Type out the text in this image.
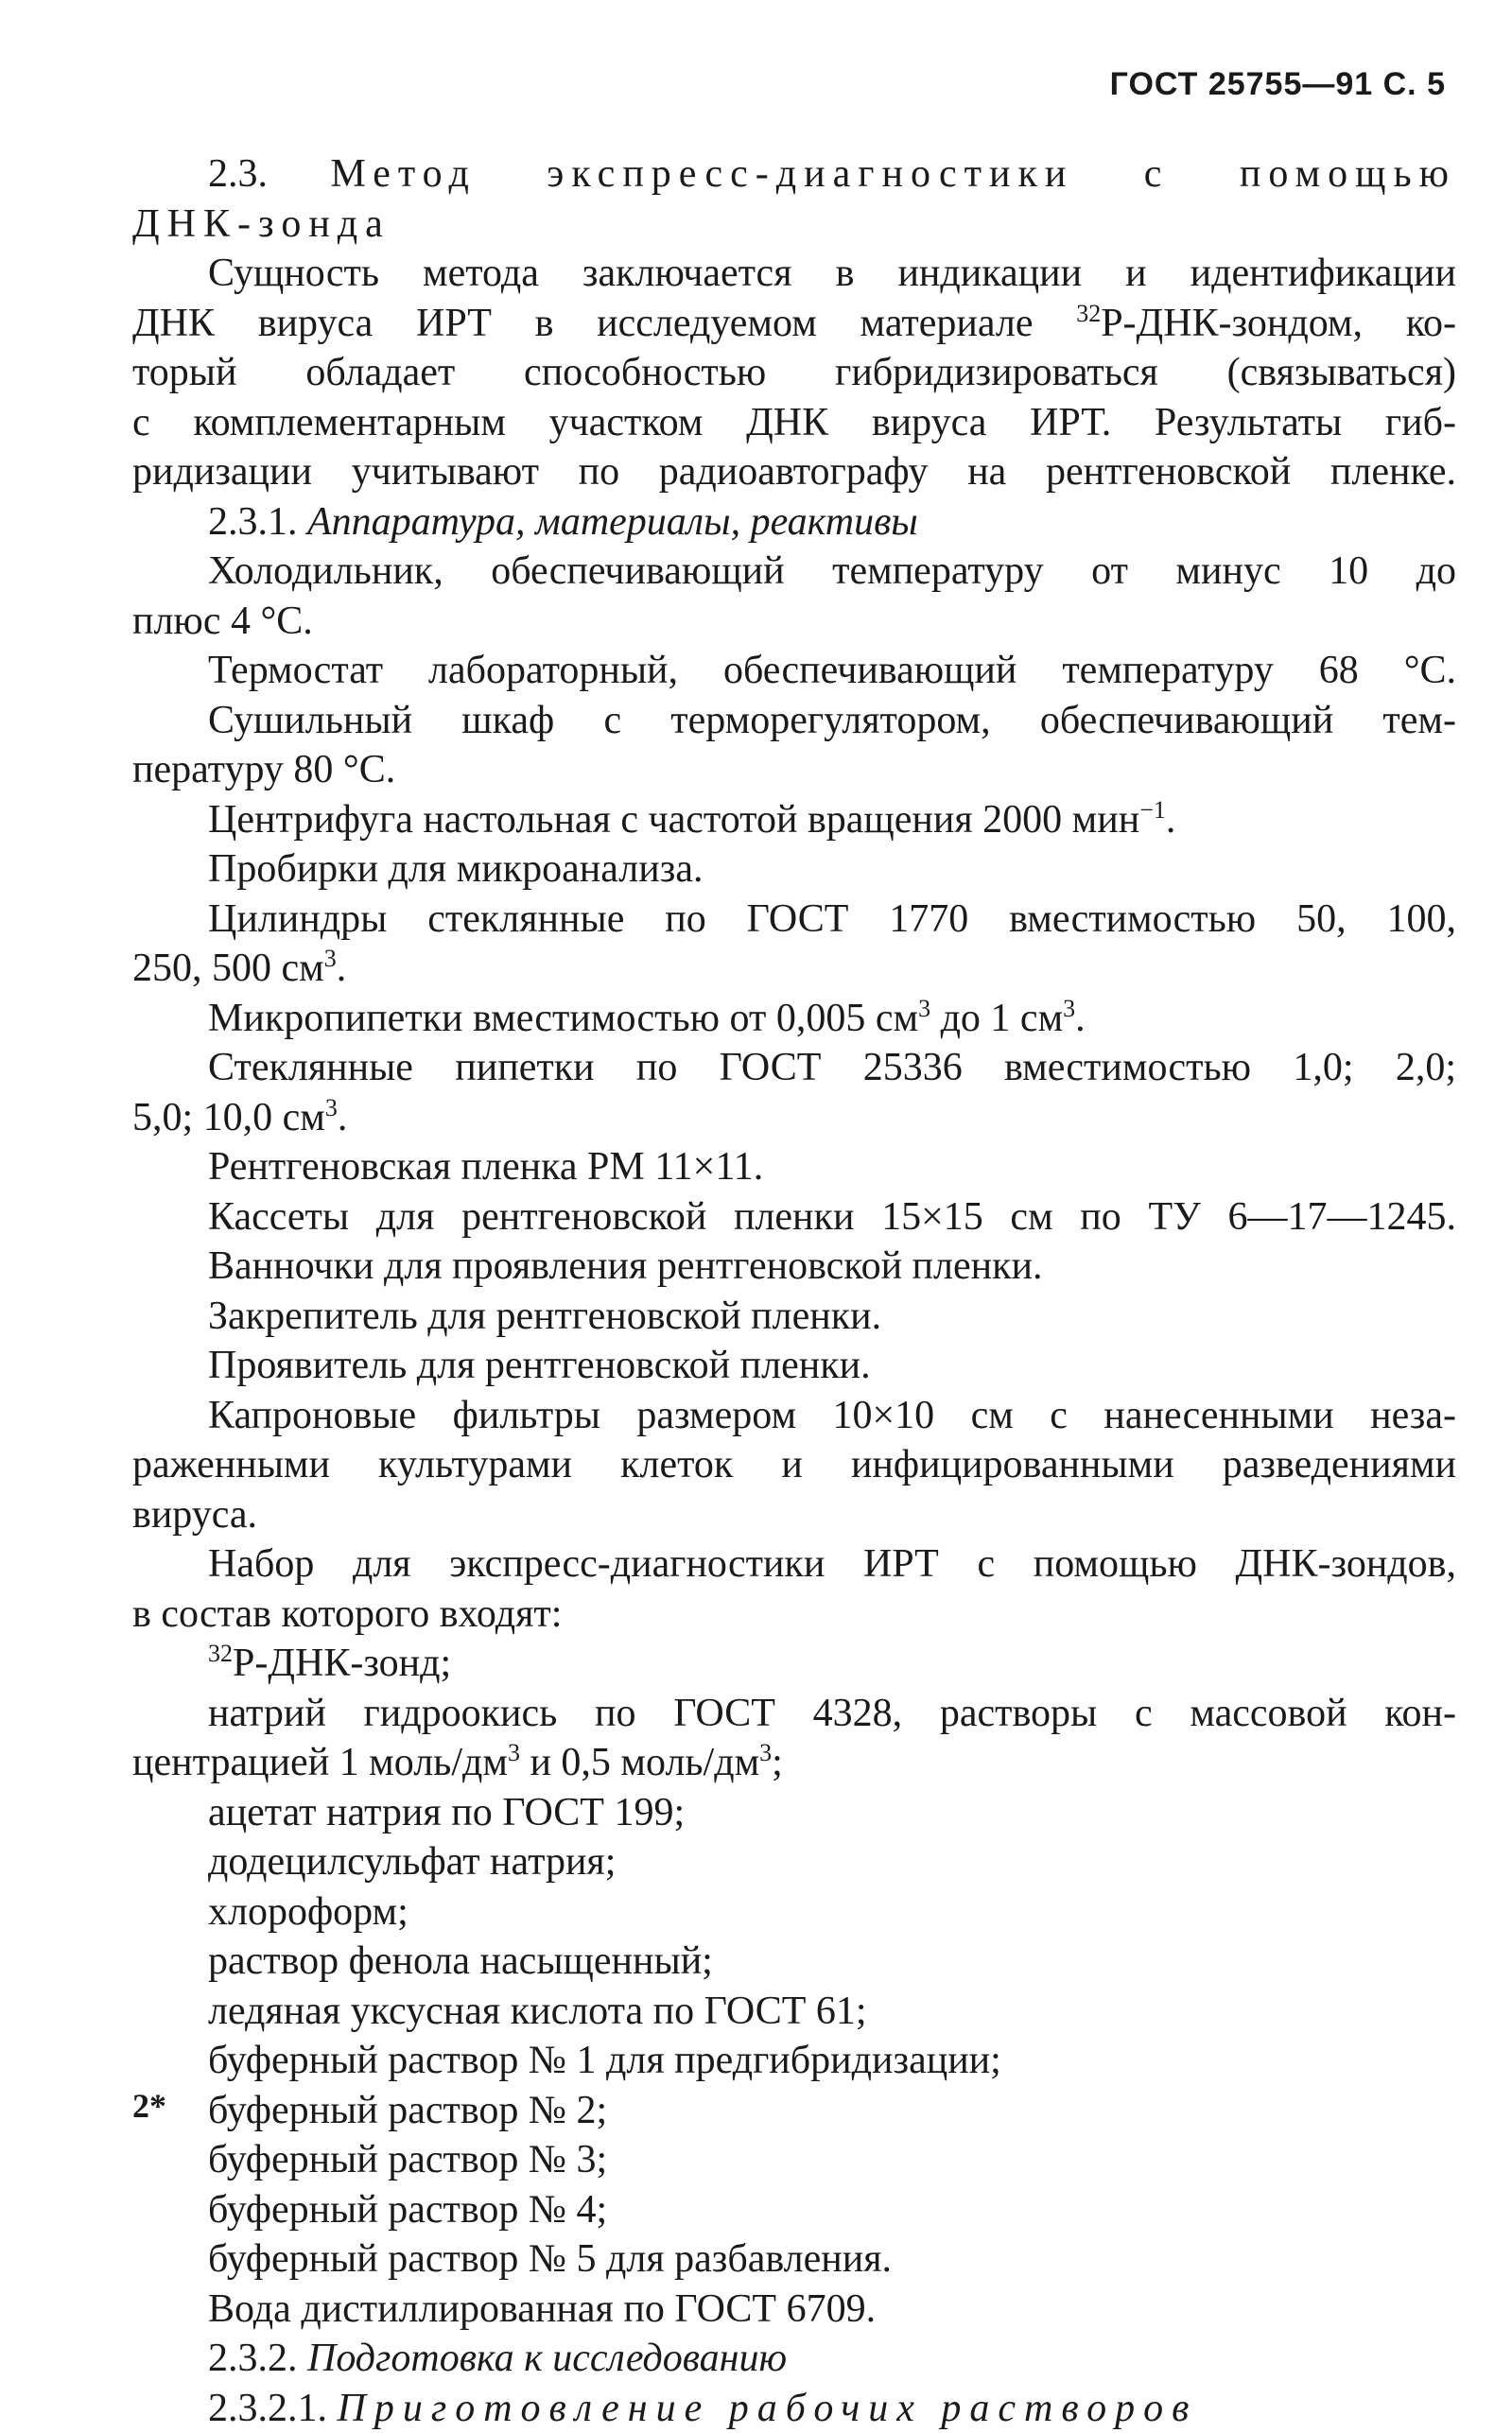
ГОСТ 25755—91 С. 5

2.3. Метод экспресс-диагностики с помощью

ДНК-зонда

Сущность метода заключается в индикации и идентификации

ДНК вируса ИРТ в исследуемом материале $^{32}$Р-ДНК-зондом, ко-

торый обладает способностью гибридизироваться (связываться)

с комплементарным участком ДНК вируса ИРТ. Результаты гиб-

ридизации учитывают по радиоавтографу на рентгеновской пленке.

2.3.1. Аппаратура, материалы, реактивы

Холодильник, обеспечивающий температуру от минус 10 до

плюс 4 °С.

Термостат лабораторный, обеспечивающий температуру 68 °С.

Сушильный шкаф с терморегулятором, обеспечивающий тем-

пературу 80 °С.

Центрифуга настольная с частотой вращения 2000 мин$^{-1}$.

Пробирки для микроанализа.

Цилиндры стеклянные по ГОСТ 1770 вместимостью 50, 100,

250, 500 $см^3$.

Микропипетки вместимостью от 0,005 $см^3$ до 1 $см^3$.

Стеклянные пипетки по ГОСТ 25336 вместимостью 1,0; 2,0;

5,0; 10,0 $см^3$.

Рентгеновская пленка РМ 11×11.

Кассеты для рентгеновской пленки 15×15 см по ТУ 6—17—1245.

Ванночки для проявления рентгеновской пленки.

Закрепитель для рентгеновской пленки.

Проявитель для рентгеновской пленки.

Капроновые фильтры размером 10×10 см с нанесенными неза-

раженными культурами клеток и инфицированными разведениями

вируса.

Набор для экспресс-диагностики ИРТ с помощью ДНК-зондов,

в состав которого входят:

$^{32}$Р-ДНК-зонд;

натрий гидроокись по ГОСТ 4328, растворы с массовой кон-

центрацией 1 моль/$дм^3$ и 0,5 моль/$дм^3$;

ацетат натрия по ГОСТ 199;

додецилсульфат натрия;

хлороформ;

раствор фенола насыщенный;

ледяная уксусная кислота по ГОСТ 61;

буферный раствор № 1 для предгибридизации;

буферный раствор № 2;

буферный раствор № 3;

буферный раствор № 4;

буферный раствор № 5 для разбавления.

Вода дистиллированная по ГОСТ 6709.

2.3.2. Подготовка к исследованию

2.3.2.1. Приготовление рабочих растворов

2*
